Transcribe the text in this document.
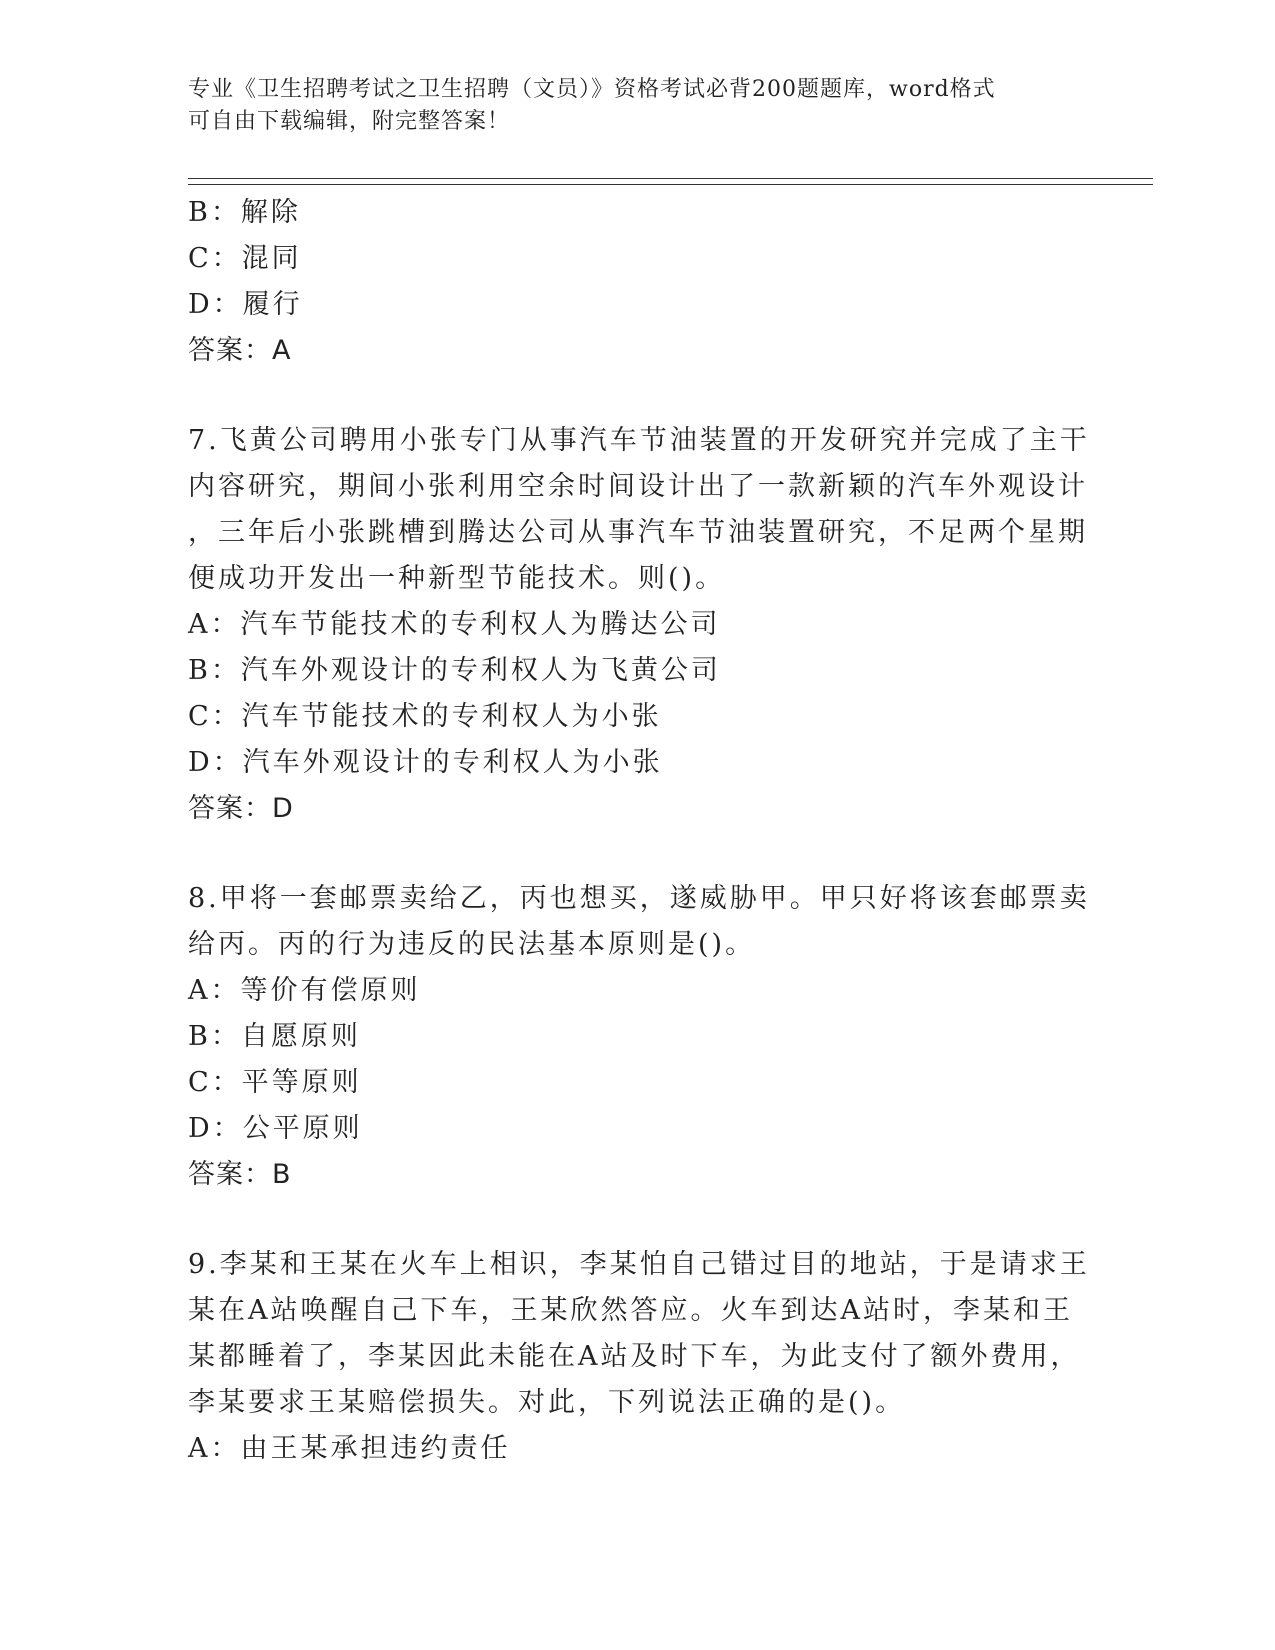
专业《卫生招聘考试之卫生招聘（文员）》资格考试必背200题题库，word格式
可自由下载编辑，附完整答案！
B：解除
C：混同
D：履行
答案：A
7.飞黄公司聘用小张专门从事汽车节油装置的开发研究并完成了主干
内容研究，期间小张利用空余时间设计出了一款新颖的汽车外观设计
，三年后小张跳槽到腾达公司从事汽车节油装置研究，不足两个星期
便成功开发出一种新型节能技术。则()。
A：汽车节能技术的专利权人为腾达公司
B：汽车外观设计的专利权人为飞黄公司
C：汽车节能技术的专利权人为小张
D：汽车外观设计的专利权人为小张
答案：D
8.甲将一套邮票卖给乙，丙也想买，遂威胁甲。甲只好将该套邮票卖
给丙。丙的行为违反的民法基本原则是()。
A：等价有偿原则
B：自愿原则
C：平等原则
D：公平原则
答案：B
9.李某和王某在火车上相识，李某怕自己错过目的地站，于是请求王
某在A站唤醒自己下车，王某欣然答应。火车到达A站时，李某和王
某都睡着了，李某因此未能在A站及时下车，为此支付了额外费用，
李某要求王某赔偿损失。对此，下列说法正确的是()。
A：由王某承担违约责任
